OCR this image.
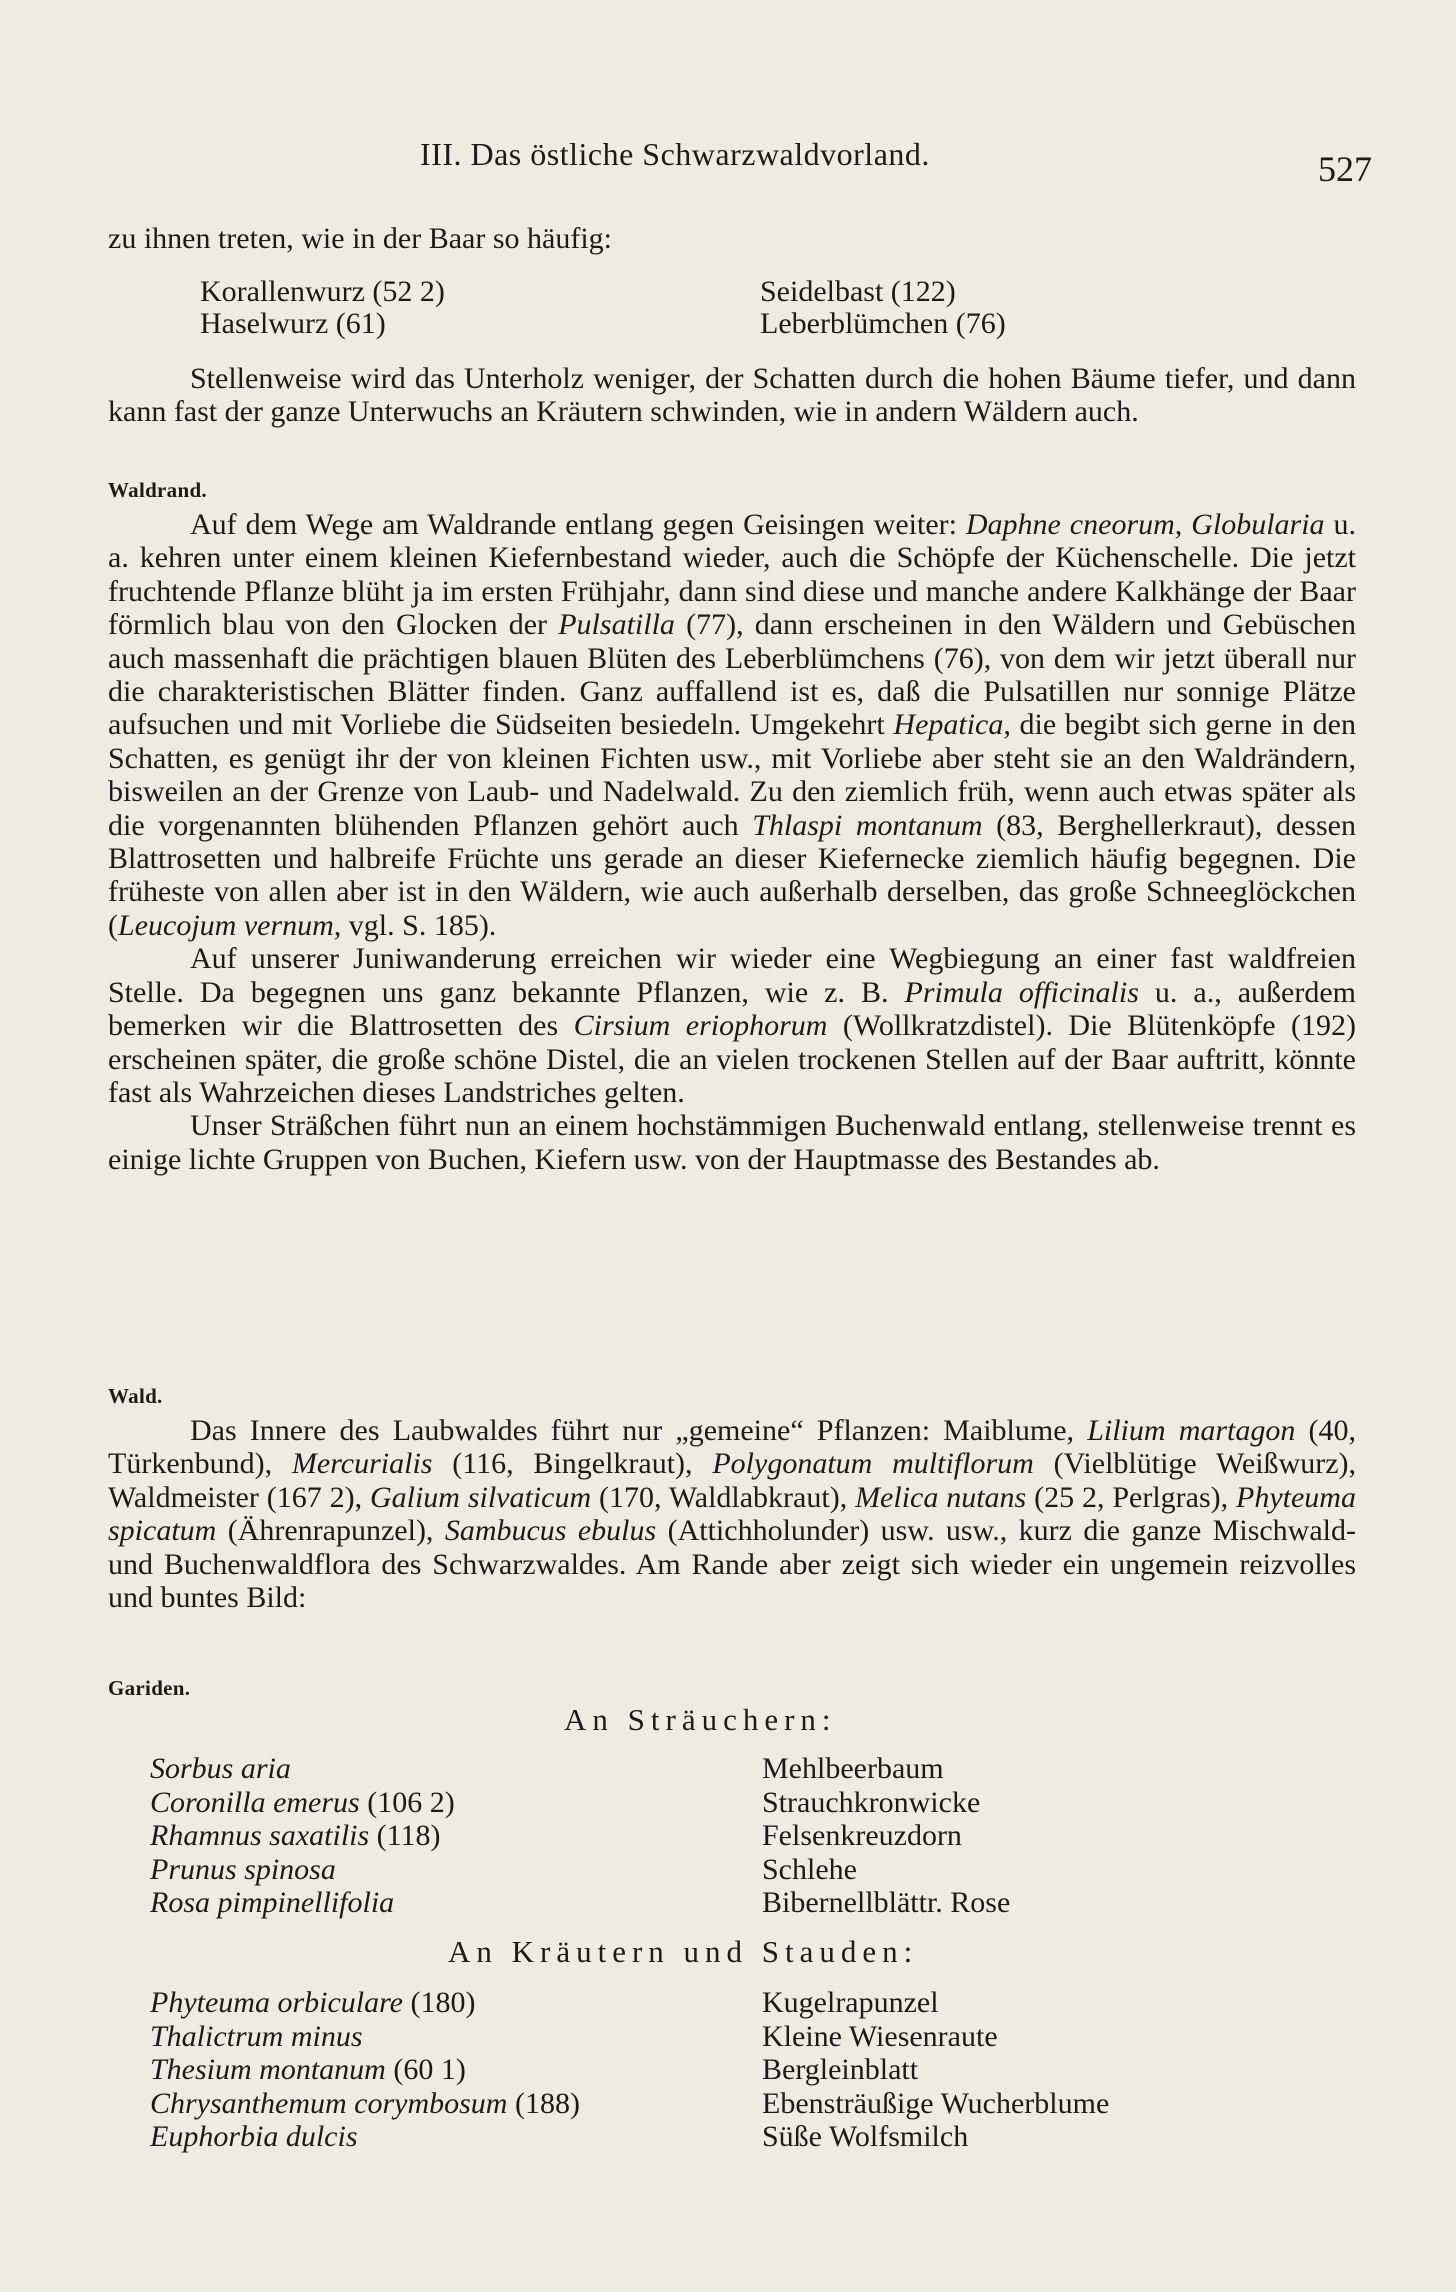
III. Das östliche Schwarzwaldvorland.	527
zu ihnen treten, wie in der Baar so häufig:
Korallenwurz (52 2)	Seidelbast (122)
Haselwurz (61)	Leberblümchen (76)
Stellenweise wird das Unterholz weniger, der Schatten durch die hohen Bäume tiefer, und dann kann fast der ganze Unterwuchs an Kräutern schwinden, wie in andern Wäldern auch.
Waldrand.
Auf dem Wege am Waldrande entlang gegen Geisingen weiter: Daphne cneorum, Globularia u. a. kehren unter einem kleinen Kiefernbestand wieder, auch die Schöpfe der Küchenschelle. Die jetzt fruchtende Pflanze blüht ja im ersten Frühjahr, dann sind diese und manche andere Kalkhänge der Baar förmlich blau von den Glocken der Pulsatilla (77), dann erscheinen in den Wäldern und Gebüschen auch massenhaft die prächtigen blauen Blüten des Leberblümchens (76), von dem wir jetzt überall nur die charakteristischen Blätter finden. Ganz auffallend ist es, daß die Pulsatillen nur sonnige Plätze aufsuchen und mit Vorliebe die Südseiten besiedeln. Umgekehrt Hepatica, die begibt sich gerne in den Schatten, es genügt ihr der von kleinen Fichten usw., mit Vorliebe aber steht sie an den Waldrändern, bisweilen an der Grenze von Laub- und Nadelwald. Zu den ziemlich früh, wenn auch etwas später als die vorgenannten blühenden Pflanzen gehört auch Thlaspi montanum (83, Berghellerkraut), dessen Blattrosetten und halbreife Früchte uns gerade an dieser Kiefernecke ziemlich häufig begegnen. Die früheste von allen aber ist in den Wäldern, wie auch außerhalb derselben, das große Schneeglöckchen (Leucojum vernum, vgl. S. 185).
Auf unserer Juniwanderung erreichen wir wieder eine Wegbiegung an einer fast waldfreien Stelle. Da begegnen uns ganz bekannte Pflanzen, wie z. B. Primula officinalis u. a., außerdem bemerken wir die Blattrosetten des Cirsium eriophorum (Wollkratzdistel). Die Blütenköpfe (192) erscheinen später, die große schöne Distel, die an vielen trockenen Stellen auf der Baar auftritt, könnte fast als Wahrzeichen dieses Landstriches gelten.
Unser Sträßchen führt nun an einem hochstämmigen Buchenwald entlang, stellenweise trennt es einige lichte Gruppen von Buchen, Kiefern usw. von der Hauptmasse des Bestandes ab.
Wald.
Das Innere des Laubwaldes führt nur „gemeine“ Pflanzen: Maiblume, Lilium martagon (40, Türkenbund), Mercurialis (116, Bingelkraut), Polygonatum multiflorum (Vielblütige Weißwurz), Waldmeister (167 2), Galium silvaticum (170, Waldlabkraut), Melica nutans (25 2, Perlgras), Phyteuma spicatum (Ährenrapunzel), Sambucus ebulus (Attichholunder) usw. usw., kurz die ganze Mischwald- und Buchenwaldflora des Schwarzwaldes. Am Rande aber zeigt sich wieder ein ungemein reizvolles und buntes Bild:
Gariden.
An Sträuchern:
Sorbus aria	Mehlbeerbaum
Coronilla emerus (106 2)	Strauchkronwicke
Rhamnus saxatilis (118)	Felsenkreuzdorn
Prunus spinosa	Schlehe
Rosa pimpinellifolia	Bibernellblättr. Rose
An Kräutern und Stauden:
Phyteuma orbiculare (180)	Kugelrapunzel
Thalictrum minus	Kleine Wiesenraute
Thesium montanum (60 1)	Bergleinblatt
Chrysanthemum corymbosum (188)	Ebensträußige Wucherblume
Euphorbia dulcis	Süße Wolfsmilch
